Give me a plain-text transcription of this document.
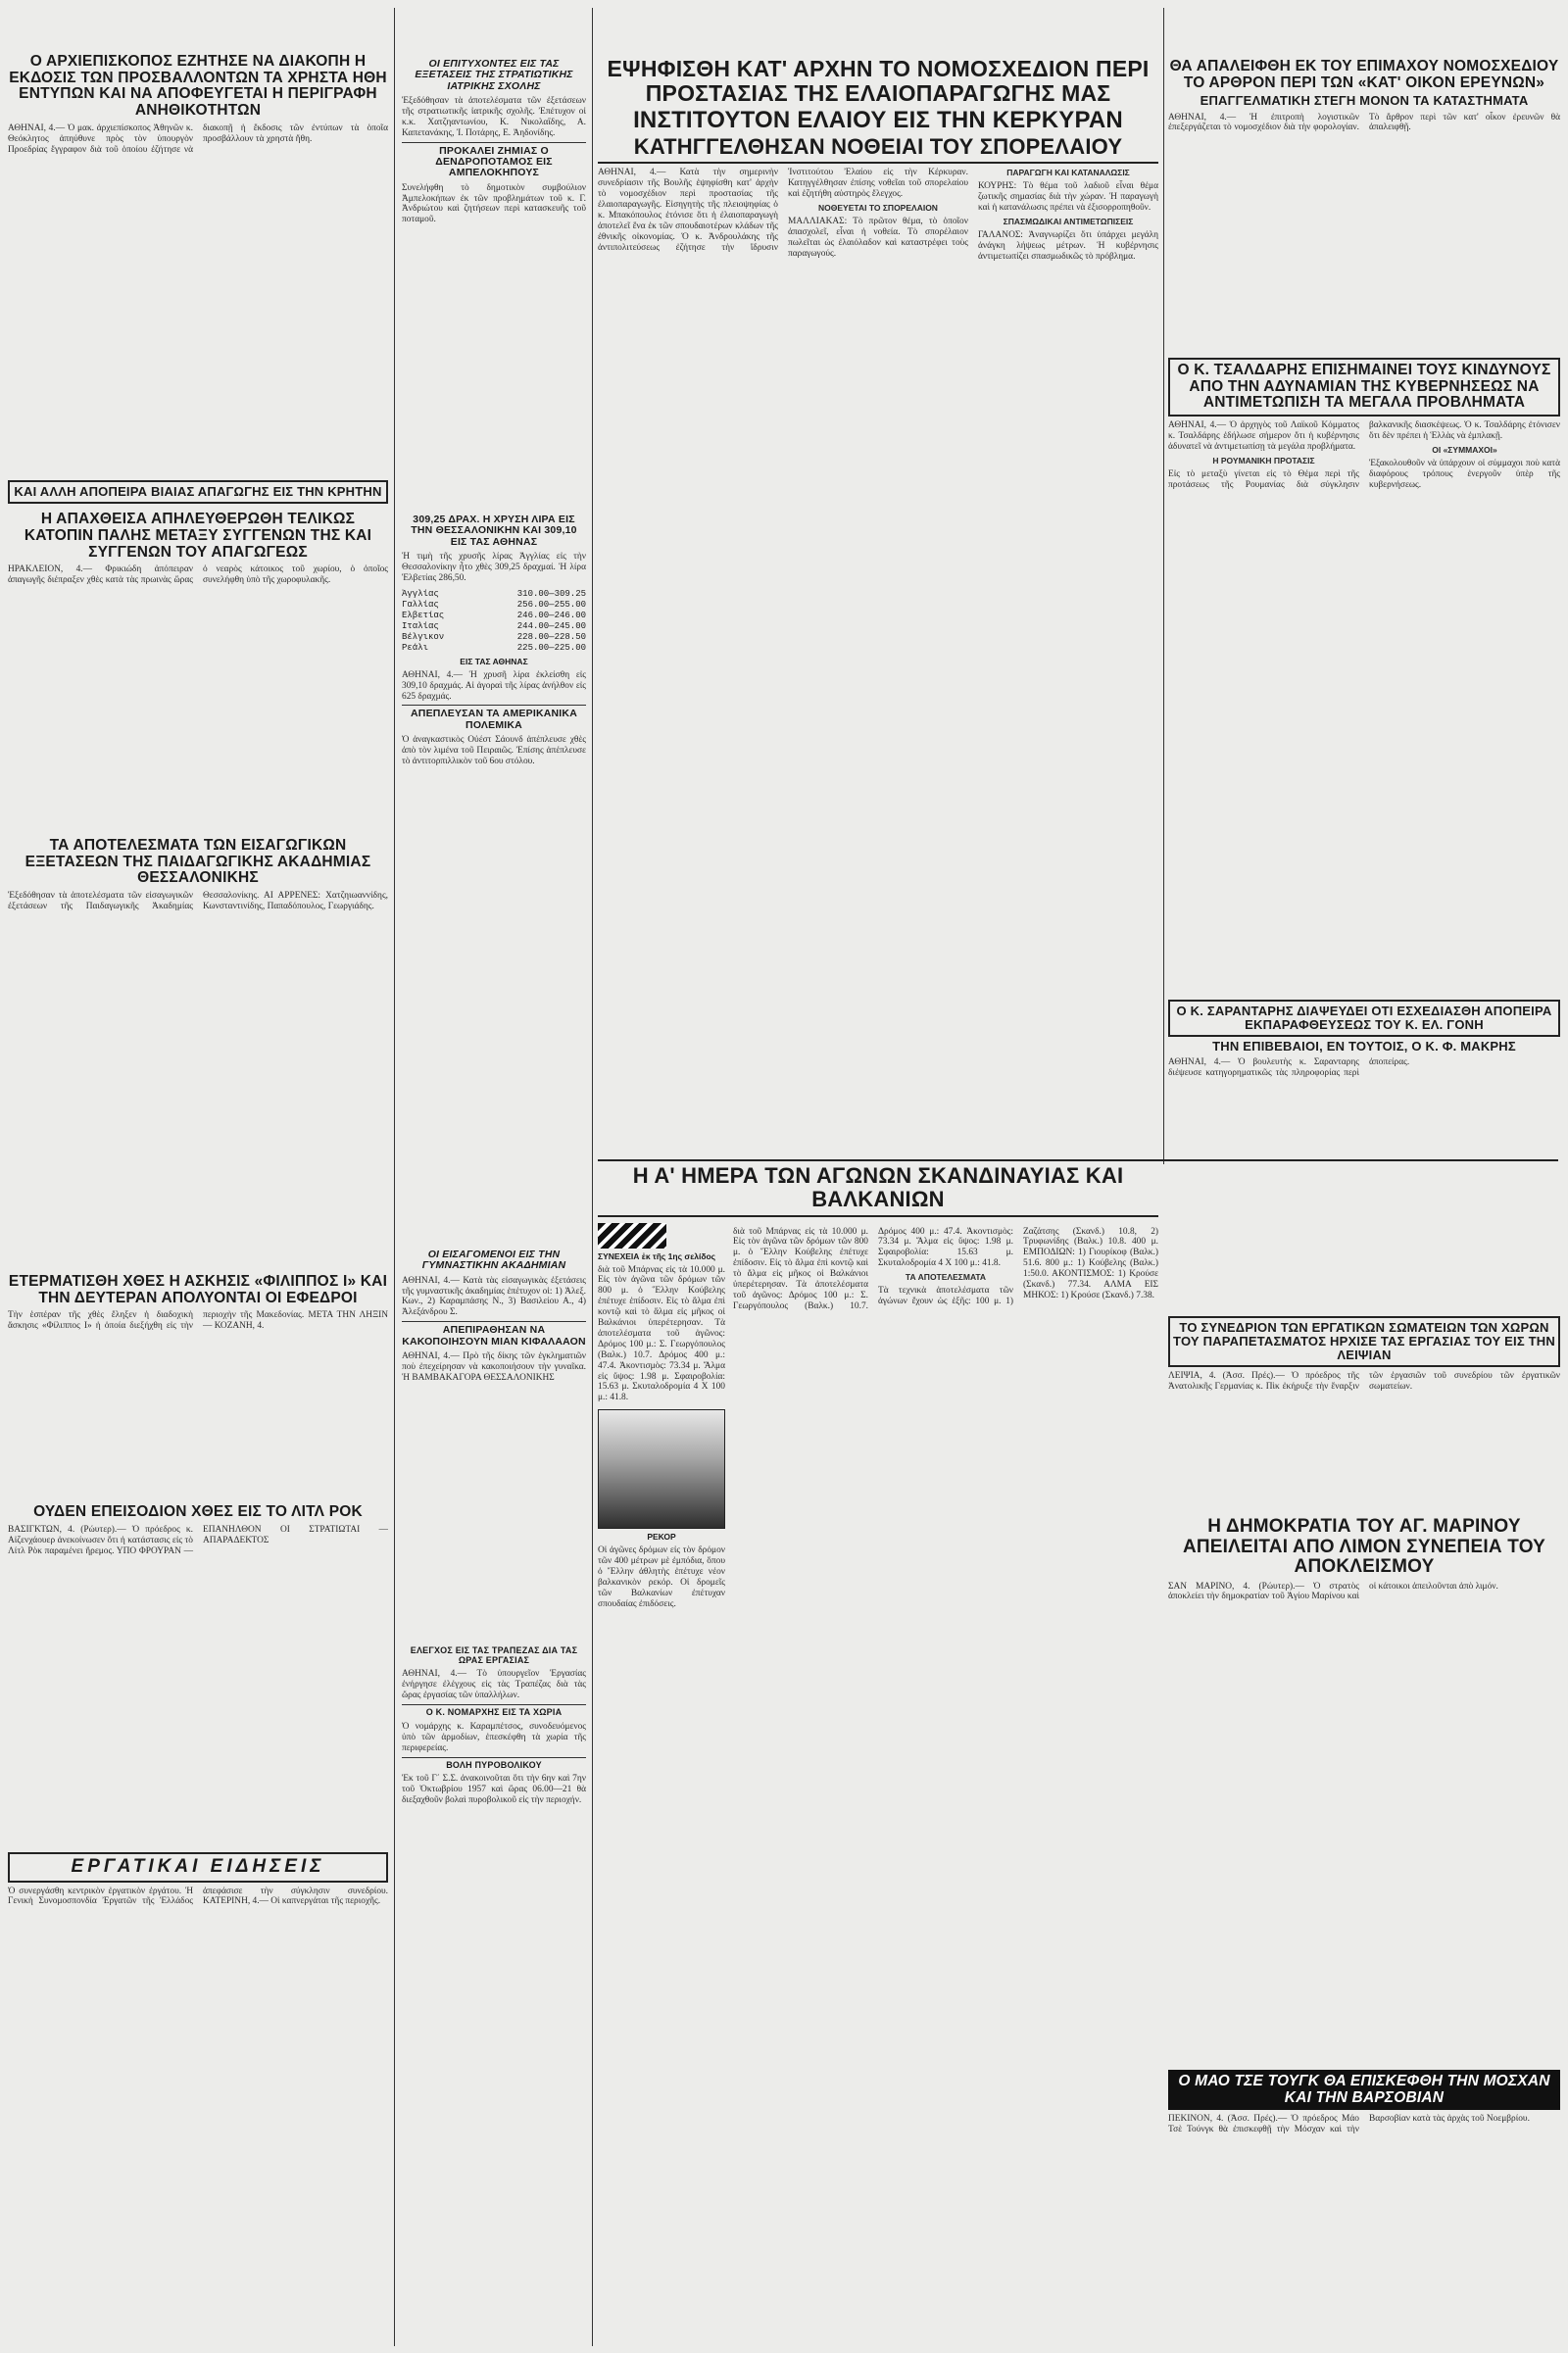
Ο ΑΡΧΙΕΠΙΣΚΟΠΟΣ ΕΖΗΤΗΣΕ ΝΑ ΔΙΑΚΟΠΗ Η ΕΚΔΟΣΙΣ ΤΩΝ ΠΡΟΣΒΑΛΛΟΝΤΩΝ ΤΑ ΧΡΗΣΤΑ ΗΘΗ ΕΝΤΥΠΩΝ ΚΑΙ ΝΑ ΑΠΟΦΕΥΓΕΤΑΙ Η ΠΕΡΙΓΡΑΦΗ ΑΝΗΘΙΚΟΤΗΤΩΝ
ΑΘΗΝΑΙ, 4.— Ὁ μακ. ἀρχιεπίσκοπος Ἀθηνῶν κ. Θεόκλητος ἀπηύθυνε πρὸς τὸν ὑπουργὸν Προεδρίας ἔγγραφον διὰ τοῦ ὁποίου ἐζήτησε νὰ διακοπῇ ἡ ἔκδοσις τῶν ἐντύπων τὰ ὁποῖα προσβάλλουν τὰ χρηστὰ ἤθη.
ΚΑΙ ΑΛΛΗ ΑΠΟΠΕΙΡΑ ΒΙΑΙΑΣ ΑΠΑΓΩΓΗΣ ΕΙΣ ΤΗΝ ΚΡΗΤΗΝ
Η ΑΠΑΧΘΕΙΣΑ ΑΠΗΛΕΥΘΕΡΩΘΗ ΤΕΛΙΚΩΣ ΚΑΤΟΠΙΝ ΠΑΛΗΣ ΜΕΤΑΞΥ ΣΥΓΓΕΝΩΝ ΤΗΣ ΚΑΙ ΣΥΓΓΕΝΩΝ ΤΟΥ ΑΠΑΓΩΓΕΩΣ
ΗΡΑΚΛΕΙΟΝ, 4.— Φρικιώδη ἀπόπειραν ἀπαγωγῆς διέπραξεν χθὲς κατὰ τὰς πρωινὰς ὥρας ὁ νεαρὸς κάτοικος τοῦ χωρίου, ὁ ὁποῖος συνελήφθη ὑπὸ τῆς χωροφυλακῆς.
ΤΑ ΑΠΟΤΕΛΕΣΜΑΤΑ ΤΩΝ ΕΙΣΑΓΩΓΙΚΩΝ ΕΞΕΤΑΣΕΩΝ ΤΗΣ ΠΑΙΔΑΓΩΓΙΚΗΣ ΑΚΑΔΗΜΙΑΣ ΘΕΣΣΑΛΟΝΙΚΗΣ
Ἐξεδόθησαν τὰ ἀποτελέσματα τῶν εἰσαγωγικῶν ἐξετάσεων τῆς Παιδαγωγικῆς Ἀκαδημίας Θεσσαλονίκης. ΑΙ ΑΡΡΕΝΕΣ: Χατζηιωαννίδης, Κωνσταντινίδης, Παπαδόπουλος, Γεωργιάδης.
ΕΤΕΡΜΑΤΙΣΘΗ ΧΘΕΣ Η ΑΣΚΗΣΙΣ «ΦΙΛΙΠΠΟΣ Ι» ΚΑΙ ΤΗΝ ΔΕΥΤΕΡΑΝ ΑΠΟΛΥΟΝΤΑΙ ΟΙ ΕΦΕΔΡΟΙ
Τὴν ἑσπέραν τῆς χθὲς ἔληξεν ἡ διαδοχικὴ ἄσκησις «Φίλιππος Ι» ἡ ὁποία διεξήχθη εἰς τὴν περιοχὴν τῆς Μακεδονίας. ΜΕΤΑ ΤΗΝ ΛΗΞΙΝ — ΚΟΖΑΝΗ, 4.
ΟΥΔΕΝ ΕΠΕΙΣΟΔΙΟΝ ΧΘΕΣ ΕΙΣ ΤΟ ΛΙΤΛ ΡΟΚ
ΒΑΣΙΓΚΤΩΝ, 4. (Ρώυτερ).— Ὁ πρόεδρος κ. Αἰζενχάουερ ἀνεκοίνωσεν ὅτι ἡ κατάστασις εἰς τὸ Λίτλ Ρὸκ παραμένει ἤρεμος. ΥΠΟ ΦΡΟΥΡΑΝ — ΕΠΑΝΗΛΘΟΝ ΟΙ ΣΤΡΑΤΙΩΤΑΙ — ΑΠΑΡΑΔΕΚΤΟΣ
ΕΡΓΑΤΙΚΑΙ ΕΙΔΗΣΕΙΣ
Ὁ συνεργάσθη κεντρικὸν ἐργατικὸν ἐργάτου. Ἡ Γενικὴ Συνομοσπονδία Ἐργατῶν τῆς Ἑλλάδος ἀπεφάσισε τὴν σύγκλησιν συνεδρίου. ΚΑΤΕΡΙΝΗ, 4.— Οἱ καπνεργάται τῆς περιοχῆς.
ΟΙ ΕΠΙΤΥΧΟΝΤΕΣ ΕΙΣ ΤΑΣ ΕΞΕΤΑΣΕΙΣ ΤΗΣ ΣΤΡΑΤΙΩΤΙΚΗΣ ΙΑΤΡΙΚΗΣ ΣΧΟΛΗΣ
Ἐξεδόθησαν τὰ ἀποτελέσματα τῶν ἐξετάσεων τῆς στρατιωτικῆς ἰατρικῆς σχολῆς. Ἐπέτυχον οἱ κ.κ. Χατζηαντωνίου, Κ. Νικολαΐδης, Α. Καπετανάκης, Ἰ. Ποτάρης, Ε. Ἀηδονίδης.
ΠΡΟΚΑΛΕΙ ΖΗΜΙΑΣ Ο ΔΕΝΔΡΟΠΟΤΑΜΟΣ ΕΙΣ ΑΜΠΕΛΟΚΗΠΟΥΣ
Συνελήφθη τὸ δημοτικὸν συμβούλιον Ἀμπελοκήπων ἐκ τῶν προβλημάτων τοῦ κ. Γ. Ἀνδριώτου καὶ ζητήσεων περὶ κατασκευῆς τοῦ ποταμοῦ.
309,25 ΔΡΑΧ. Η ΧΡΥΣΗ ΛΙΡΑ ΕΙΣ ΤΗΝ ΘΕΣΣΑΛΟΝΙΚΗΝ ΚΑΙ 309,10 ΕΙΣ ΤΑΣ ΑΘΗΝΑΣ
Ἡ τιμὴ τῆς χρυσῆς λίρας Ἀγγλίας εἰς τὴν Θεσσαλονίκην ἦτο χθὲς 309,25 δραχμαί. Ἡ λίρα Ἐλβετίας 286,50.
Ἀγγλίας	310.00—309.25
Γαλλίας	256.00—255.00
Ἐλβετίας	246.00—246.00
Ἰταλίας	244.00—245.00
Βέλγικον	228.00—228.50
Ρεάλι	225.00—225.00
ΕΙΣ ΤΑΣ ΑΘΗΝΑΣ
ΑΘΗΝΑΙ, 4.— Ἡ χρυσῆ λίρα ἐκλείσθη εἰς 309,10 δραχμάς. Αἱ ἀγοραὶ τῆς λίρας ἀνήλθον εἰς 625 δραχμάς.
ΑΠΕΠΛΕΥΣΑΝ ΤΑ ΑΜΕΡΙΚΑΝΙΚΑ ΠΟΛΕΜΙΚΑ
Ὁ ἀναγκαστικὸς Οὐέστ Σάουνδ ἀπέπλευσε χθὲς ἀπὸ τὸν λιμένα τοῦ Πειραιῶς. Ἐπίσης ἀπέπλευσε τὸ ἀντιτορπιλλικὸν τοῦ 6ου στόλου.
ΟΙ ΕΙΣΑΓΟΜΕΝΟΙ ΕΙΣ ΤΗΝ ΓΥΜΝΑΣΤΙΚΗΝ ΑΚΑΔΗΜΙΑΝ
ΑΘΗΝΑΙ, 4.— Κατὰ τὰς εἰσαγωγικὰς ἐξετάσεις τῆς γυμναστικῆς ἀκαδημίας ἐπέτυχον οἱ: 1) Ἀλεξ. Κων., 2) Καραμπάσης Ν., 3) Βασιλείου Α., 4) Ἀλεξάνδρου Σ.
ΑΠΕΠΙΡΑΘΗΣΑΝ ΝΑ ΚΑΚΟΠΟΙΗΣΟΥΝ ΜΙΑΝ ΚΙΦΑΛΑΑΟΝ
ΑΘΗΝΑΙ, 4.— Πρὸ τῆς δίκης τῶν ἐγκληματιῶν ποὺ ἐπεχείρησαν νὰ κακοποιήσουν τὴν γυναῖκα. Ἡ ΒΑΜΒΑΚΑΓΟΡΑ ΘΕΣΣΑΛΟΝΙΚΗΣ
ΕΛΕΓΧΟΣ ΕΙΣ ΤΑΣ ΤΡΑΠΕΖΑΣ ΔΙΑ ΤΑΣ ΩΡΑΣ ΕΡΓΑΣΙΑΣ
ΑΘΗΝΑΙ, 4.— Τὸ ὑπουργεῖον Ἐργασίας ἐνήργησε ἐλέγχους εἰς τὰς Τραπέζας διὰ τὰς ὥρας ἐργασίας τῶν ὑπαλλήλων.
Ο Κ. ΝΟΜΑΡΧΗΣ ΕΙΣ ΤΑ ΧΩΡΙΑ
Ὁ νομάρχης κ. Καραμπέτσος, συνοδευόμενος ὑπὸ τῶν ἁρμοδίων, ἐπεσκέφθη τὰ χωρία τῆς περιφερείας.
ΒΟΛΗ ΠΥΡΟΒΟΛΙΚΟΥ
Ἐκ τοῦ Γ΄ Σ.Σ. ἀνακοινοῦται ὅτι τὴν 6ην καὶ 7ην τοῦ Ὀκτωβρίου 1957 καὶ ὥρας 06.00—21 θὰ διεξαχθοῦν βολαὶ πυροβολικοῦ εἰς τὴν περιοχήν.
ΕΨΗΦΙΣΘΗ ΚΑΤ' ΑΡΧΗΝ ΤΟ ΝΟΜΟΣΧΕΔΙΟΝ ΠΕΡΙ ΠΡΟΣΤΑΣΙΑΣ ΤΗΣ ΕΛΑΙΟΠΑΡΑΓΩΓΗΣ ΜΑΣ
ΙΝΣΤΙΤΟΥΤΟΝ ΕΛΑΙΟΥ ΕΙΣ ΤΗΝ ΚΕΡΚΥΡΑΝ
ΚΑΤΗΓΓΕΛΘΗΣΑΝ ΝΟΘΕΙΑΙ ΤΟΥ ΣΠΟΡΕΛΑΙΟΥ
ΑΘΗΝΑΙ, 4.— Κατὰ τὴν σημερινὴν συνεδρίασιν τῆς Βουλῆς ἐψηφίσθη κατ' ἀρχὴν τὸ νομοσχέδιον περὶ προστασίας τῆς ἐλαιοπαραγωγῆς. Εἰσηγητὴς τῆς πλειοψηφίας ὁ κ. Μπακόπουλος ἐτόνισε ὅτι ἡ ἐλαιοπαραγωγὴ ἀποτελεῖ ἕνα ἐκ τῶν σπουδαιοτέρων κλάδων τῆς ἐθνικῆς οἰκονομίας. Ὁ κ. Ἀνδρουλάκης τῆς ἀντιπολιτεύσεως ἐζήτησε τὴν ἵδρυσιν Ἰνστιτούτου Ἐλαίου εἰς τὴν Κέρκυραν. Κατηγγέλθησαν ἐπίσης νοθεῖαι τοῦ σπορελαίου καὶ ἐζητήθη αὐστηρὸς ἔλεγχος.
ΝΟΘΕΥΕΤΑΙ ΤΟ ΣΠΟΡΕΛΑΙΟΝ
ΜΑΛΛΙΑΚΑΣ: Τὸ πρῶτον θέμα, τὸ ὁποῖον ἀπασχολεῖ, εἶναι ἡ νοθεία. Τὸ σπορέλαιον πωλεῖται ὡς ἐλαιόλαδον καὶ καταστρέφει τοὺς παραγωγούς.
ΠΑΡΑΓΩΓΗ ΚΑΙ ΚΑΤΑΝΑΛΩΣΙΣ
ΚΟΥΡΗΣ: Τὸ θέμα τοῦ λαδιοῦ εἶναι θέμα ζωτικῆς σημασίας διὰ τὴν χώραν. Ἡ παραγωγὴ καὶ ἡ κατανάλωσις πρέπει νὰ ἐξισορροπηθοῦν.
ΣΠΑΣΜΩΔΙΚΑΙ ΑΝΤΙΜΕΤΩΠΙΣΕΙΣ
ΓΑΛΑΝΟΣ: Ἀναγνωρίζει ὅτι ὑπάρχει μεγάλη ἀνάγκη λήψεως μέτρων. Ἡ κυβέρνησις ἀντιμετωπίζει σπασμωδικῶς τὸ πρόβλημα.
ΘΑ ΑΠΑΛΕΙΦΘΗ ΕΚ ΤΟΥ ΕΠΙΜΑΧΟΥ ΝΟΜΟΣΧΕΔΙΟΥ ΤΟ ΑΡΘΡΟΝ ΠΕΡΙ ΤΩΝ «ΚΑΤ' ΟΙΚΟΝ ΕΡΕΥΝΩΝ»
ΕΠΑΓΓΕΛΜΑΤΙΚΗ ΣΤΕΓΗ ΜΟΝΟΝ ΤΑ ΚΑΤΑΣΤΗΜΑΤΑ
ΑΘΗΝΑΙ, 4.— Ἡ ἐπιτροπὴ λογιστικῶν ἐπεξεργάζεται τὸ νομοσχέδιον διὰ τὴν φορολογίαν. Τὸ ἄρθρον περὶ τῶν κατ' οἶκον ἐρευνῶν θὰ ἀπαλειφθῇ.
Ο Κ. ΤΣΑΛΔΑΡΗΣ ΕΠΙΣΗΜΑΙΝΕΙ ΤΟΥΣ ΚΙΝΔΥΝΟΥΣ ΑΠΟ ΤΗΝ ΑΔΥΝΑΜΙΑΝ ΤΗΣ ΚΥΒΕΡΝΗΣΕΩΣ ΝΑ ΑΝΤΙΜΕΤΩΠΙΣΗ ΤΑ ΜΕΓΑΛΑ ΠΡΟΒΛΗΜΑΤΑ
ΑΘΗΝΑΙ, 4.— Ὁ ἀρχηγὸς τοῦ Λαϊκοῦ Κόμματος κ. Τσαλδάρης ἐδήλωσε σήμερον ὅτι ἡ κυβέρνησις ἀδυνατεῖ νὰ ἀντιμετωπίσῃ τὰ μεγάλα προβλήματα.
Η ΡΟΥΜΑΝΙΚΗ ΠΡΟΤΑΣΙΣ
Εἰς τὸ μεταξὺ γίνεται εἰς τὸ Θέμα περὶ τῆς προτάσεως τῆς Ρουμανίας διὰ σύγκλησιν βαλκανικῆς διασκέψεως. Ὁ κ. Τσαλδάρης ἐτόνισεν ὅτι δὲν πρέπει ἡ Ἑλλὰς νὰ ἐμπλακῇ.
ΟΙ «ΣΥΜΜΑΧΟΙ»
Ἐξακολουθοῦν νὰ ὑπάρχουν οἱ σύμμαχοι ποὺ κατὰ διαφόρους τρόπους ἐνεργοῦν ὑπὲρ τῆς κυβερνήσεως.
Ο Κ. ΣΑΡΑΝΤΑΡΗΣ ΔΙΑΨΕΥΔΕΙ ΟΤΙ ΕΣΧΕΔΙΑΣΘΗ ΑΠΟΠΕΙΡΑ ΕΚΠΑΡΑΦΘΕΥΣΕΩΣ ΤΟΥ Κ. ΕΛ. ΓΟΝΗ
ΤΗΝ ΕΠΙΒΕΒΑΙΟΙ, ΕΝ ΤΟΥΤΟΙΣ, Ο Κ. Φ. ΜΑΚΡΗΣ
ΑΘΗΝΑΙ, 4.— Ὁ βουλευτὴς κ. Σαρανταρης διέψευσε κατηγορηματικῶς τὰς πληροφορίας περὶ ἀποπείρας.
Η Α' ΗΜΕΡΑ ΤΩΝ ΑΓΩΝΩΝ ΣΚΑΝΔΙΝΑΥΙΑΣ ΚΑΙ ΒΑΛΚΑΝΙΩΝ
ΣΥΝΕΧΕΙΑ ἐκ τῆς 1ης σελίδος
διὰ τοῦ Μπάρνας εἰς τὰ 10.000 μ. Εἰς τὸν ἀγῶνα τῶν δρόμων τῶν 800 μ. ὁ Ἕλλην Κούβελης ἐπέτυχε ἐπίδοσιν. Εἰς τὸ ἅλμα ἐπὶ κοντῷ καὶ τὸ ἅλμα εἰς μῆκος οἱ Βαλκάνιοι ὑπερέτερησαν. Τὰ ἀποτελέσματα τοῦ ἀγῶνος: Δρόμος 100 μ.: Σ. Γεωργόπουλος (Βαλκ.) 10.7. Δρόμος 400 μ.: 47.4. Ἀκοντισμὸς: 73.34 μ. Ἅλμα εἰς ὕψος: 1.98 μ. Σφαιροβολία: 15.63 μ. Σκυταλοδρομία 4 Χ 100 μ.: 41.8.
ΡΕΚΟΡ
Οἱ ἀγῶνες δρόμων εἰς τὸν δρόμον τῶν 400 μέτρων μὲ ἐμπόδια, ὅπου ὁ Ἕλλην ἀθλητὴς ἐπέτυχε νέον βαλκανικὸν ρεκόρ. Οἱ δρομεῖς τῶν Βαλκανίων ἐπέτυχαν σπουδαίας ἐπιδόσεις.
διὰ τοῦ Μπάρνας εἰς τὰ 10.000 μ. Εἰς τὸν ἀγῶνα τῶν δρόμων τῶν 800 μ. ὁ Ἕλλην Κούβελης ἐπέτυχε ἐπίδοσιν. Εἰς τὸ ἅλμα ἐπὶ κοντῷ καὶ τὸ ἅλμα εἰς μῆκος οἱ Βαλκάνιοι ὑπερέτερησαν. Τὰ ἀποτελέσματα τοῦ ἀγῶνος: Δρόμος 100 μ.: Σ. Γεωργόπουλος (Βαλκ.) 10.7. Δρόμος 400 μ.: 47.4. Ἀκοντισμὸς: 73.34 μ. Ἅλμα εἰς ὕψος: 1.98 μ. Σφαιροβολία: 15.63 μ. Σκυταλοδρομία 4 Χ 100 μ.: 41.8.
ΤΑ ΑΠΟΤΕΛΕΣΜΑΤΑ
Τὰ τεχνικὰ ἀποτελέσματα τῶν ἀγώνων ἔχουν ὡς ἑξῆς: 100 μ. 1) Ζαζάτσης (Σκανδ.) 10.8, 2) Τρυφωνίδης (Βαλκ.) 10.8. 400 μ. ΕΜΠΟΔΙΩΝ: 1) Γιουρίκοφ (Βαλκ.) 51.6. 800 μ.: 1) Κούβελης (Βαλκ.) 1:50.0. ΑΚΟΝΤΙΣΜΟΣ: 1) Κρούσε (Σκανδ.) 77.34. ΑΛΜΑ ΕΙΣ ΜΗΚΟΣ: 1) Κρούσε (Σκανδ.) 7.38.
ΤΟ ΣΥΝΕΔΡΙΟΝ ΤΩΝ ΕΡΓΑΤΙΚΩΝ ΣΩΜΑΤΕΙΩΝ ΤΩΝ ΧΩΡΩΝ ΤΟΥ ΠΑΡΑΠΕΤΑΣΜΑΤΟΣ ΗΡΧΙΣΕ ΤΑΣ ΕΡΓΑΣΙΑΣ ΤΟΥ ΕΙΣ ΤΗΝ ΛΕΙΨΙΑΝ
ΛΕΙΨΙΑ, 4. (Ἀσσ. Πρές).— Ὁ πρόεδρος τῆς Ἀνατολικῆς Γερμανίας κ. Πὶκ ἐκήρυξε τὴν ἔναρξιν τῶν ἐργασιῶν τοῦ συνεδρίου τῶν ἐργατικῶν σωματείων.
Η ΔΗΜΟΚΡΑΤΙΑ ΤΟΥ ΑΓ. ΜΑΡΙΝΟΥ ΑΠΕΙΛΕΙΤΑΙ ΑΠΟ ΛΙΜΟΝ ΣΥΝΕΠΕΙΑ ΤΟΥ ΑΠΟΚΛΕΙΣΜΟΥ
ΣΑΝ ΜΑΡΙΝΟ, 4. (Ρώυτερ).— Ὁ στρατὸς ἀποκλείει τὴν δημοκρατίαν τοῦ Ἁγίου Μαρίνου καὶ οἱ κάτοικοι ἀπειλοῦνται ἀπὸ λιμόν.
Ο ΜΑΟ ΤΣΕ ΤΟΥΓΚ ΘΑ ΕΠΙΣΚΕΦΘΗ ΤΗΝ ΜΟΣΧΑΝ ΚΑΙ ΤΗΝ ΒΑΡΣΟΒΙΑΝ
ΠΕΚΙΝΟΝ, 4. (Ἀσσ. Πρές).— Ὁ πρόεδρος Μάο Τσὲ Τούνγκ θὰ ἐπισκεφθῇ τὴν Μόσχαν καὶ τὴν Βαρσοβίαν κατὰ τὰς ἀρχὰς τοῦ Νοεμβρίου.
